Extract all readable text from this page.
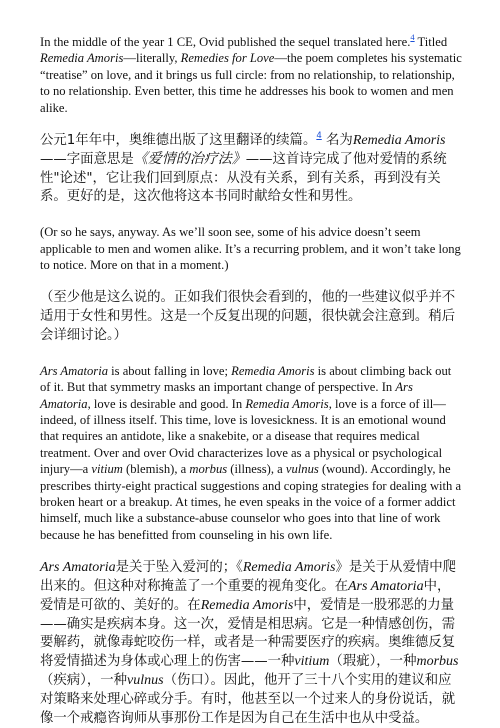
In the middle of the year 1 CE, Ovid published the sequel translated here.$^4$ Titled Remedia Amoris—literally, Remedies for Love—the poem completes his systematic “treatise” on love, and it brings us full circle: from no relationship, to relationship, to no relationship. Even better, this time he addresses his book to women and men alike.

公元1年年中，奥维德出版了这里翻译的续篇。$^4$ 名为Remedia Amoris——字面意思是《爱情的治疗法》——这首诗完成了他对爱情的系统性"论述"，它让我们回到原点：从没有关系，到有关系，再到没有关系。更好的是，这次他将这本书同时献给女性和男性。

(Or so he says, anyway. As we’ll soon see, some of his advice doesn’t seem applicable to men and women alike. It’s a recurring problem, and it won’t take long to notice. More on that in a moment.)

（至少他是这么说的。正如我们很快会看到的，他的一些建议似乎并不适用于女性和男性。这是一个反复出现的问题，很快就会注意到。稍后会详细讨论。）

Ars Amatoria is about falling in love; Remedia Amoris is about climbing back out of it. But that symmetry masks an important change of perspective. In Ars Amatoria, love is desirable and good. In Remedia Amoris, love is a force of ill—indeed, of illness itself. This time, love is lovesickness. It is an emotional wound that requires an antidote, like a snakebite, or a disease that requires medical treatment. Over and over Ovid characterizes love as a physical or psychological injury—a vitium (blemish), a morbus (illness), a vulnus (wound). Accordingly, he prescribes thirty-eight practical suggestions and coping strategies for dealing with a broken heart or a breakup. At times, he even speaks in the voice of a former addict himself, much like a substance-abuse counselor who goes into that line of work because he has benefitted from counseling in his own life.

Ars Amatoria是关于坠入爱河的；《Remedia Amoris》是关于从爱情中爬出来的。但这种对称掩盖了一个重要的视角变化。在Ars Amatoria中，爱情是可欲的、美好的。在Remedia Amoris中，爱情是一股邪恶的力量——确实是疾病本身。这一次，爱情是相思病。它是一种情感创伤，需要解药，就像毒蛇咬伤一样，或者是一种需要医疗的疾病。奥维德反复将爱情描述为身体或心理上的伤害——一种vitium（瑕疵），一种morbus（疾病），一种vulnus（伤口）。因此，他开了三十八个实用的建议和应对策略来处理心碎或分手。有时，他甚至以一个过来人的身份说话，就像一个戒瘾咨询师从事那份工作是因为自己在生活中也从中受益。
